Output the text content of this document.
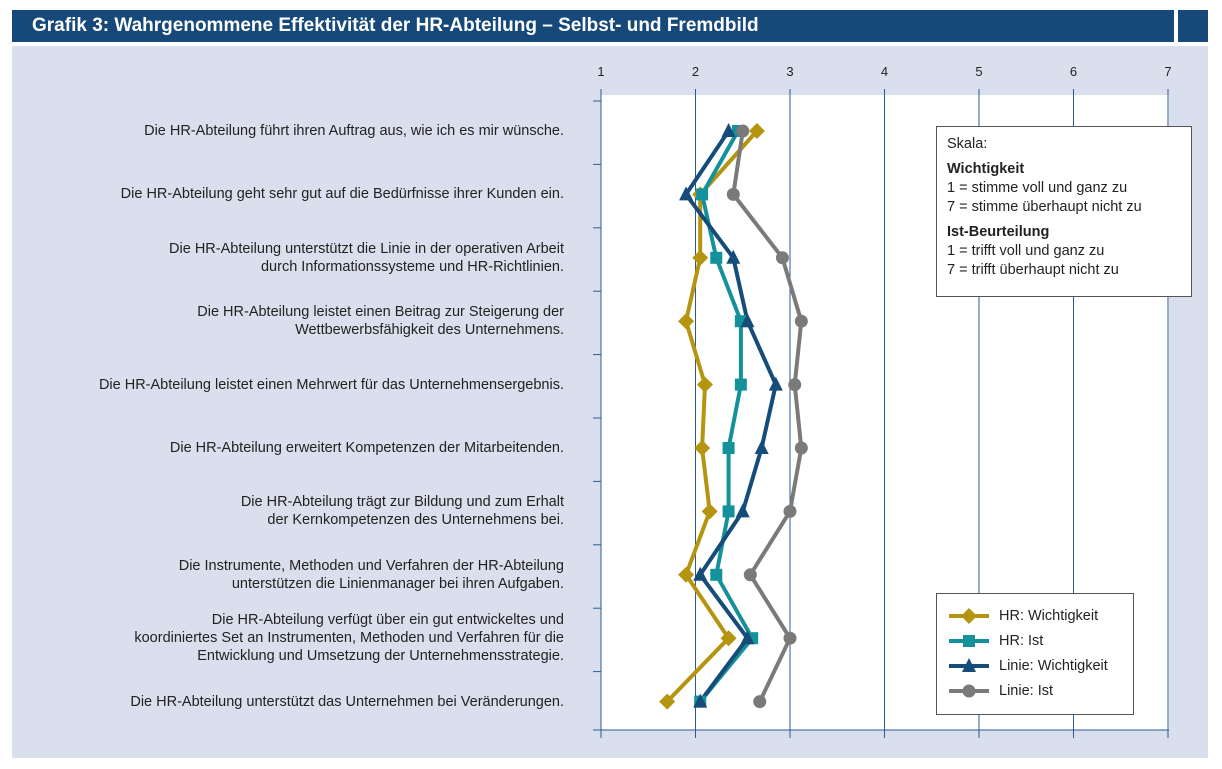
Grafik 3: Wahrgenommene Effektivität der HR-Abteilung – Selbst- und Fremdbild
Die HR-Abteilung führt ihren Auftrag aus, wie ich es mir wünsche.
Die HR-Abteilung geht sehr gut auf die Bedürfnisse ihrer Kunden ein.
Die HR-Abteilung unterstützt die Linie in der operativen Arbeit
durch Informationssysteme und HR-Richtlinien.
Die HR-Abteilung leistet einen Beitrag zur Steigerung der
Wettbewerbsfähigkeit des Unternehmens.
Die HR-Abteilung leistet einen Mehrwert für das Unternehmensergebnis.
Die HR-Abteilung erweitert Kompetenzen der Mitarbeitenden.
Die HR-Abteilung trägt zur Bildung und zum Erhalt
der Kernkompetenzen des Unternehmens bei.
Die Instrumente, Methoden und Verfahren der HR-Abteilung
unterstützen die Linienmanager bei ihren Aufgaben.
Die HR-Abteilung verfügt über ein gut entwickeltes und
koordiniertes Set an Instrumenten, Methoden und Verfahren für die
Entwicklung und Umsetzung der Unternehmensstrategie.
Die HR-Abteilung unterstützt das Unternehmen bei Veränderungen.
1	2	3	4	5	6	7
Skala:
Wichtigkeit
1 = stimme voll und ganz zu
7 = stimme überhaupt nicht zu
Ist-Beurteilung
1 = trifft voll und ganz zu
7 = trifft überhaupt nicht zu
HR: Wichtigkeit
HR: Ist
Linie: Wichtigkeit
Linie: Ist
